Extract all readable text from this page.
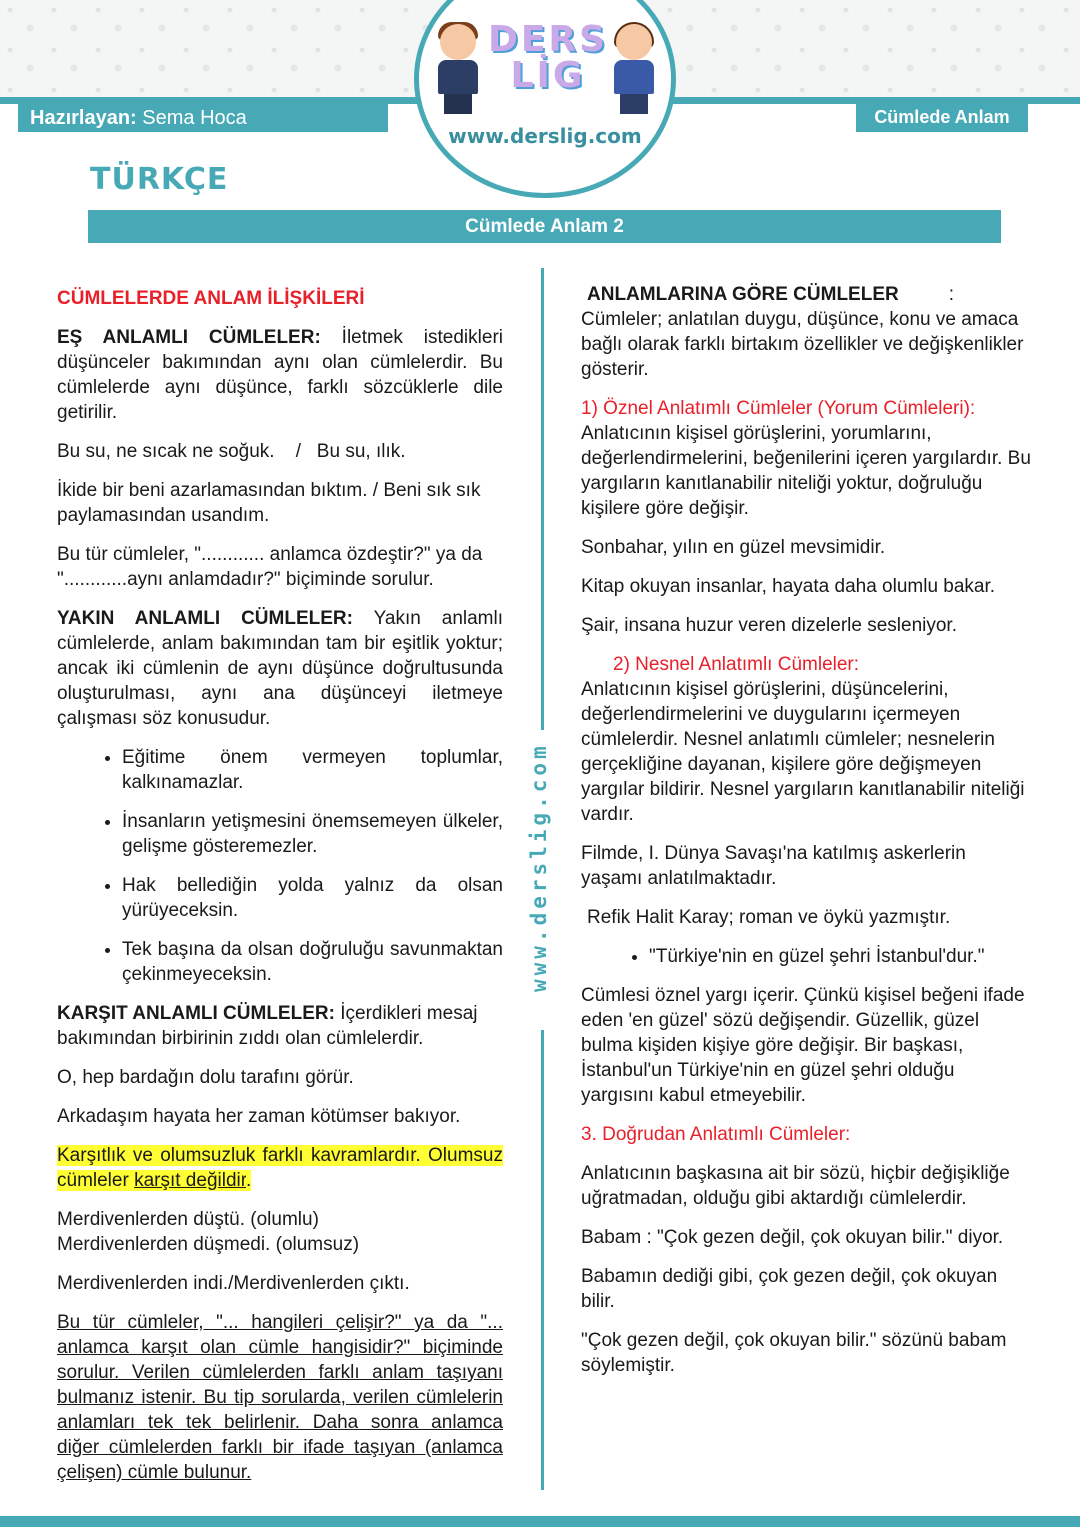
Hazırlayan: Sema Hoca	Cümlede Anlam
DERS LİG
www.derslig.com
TÜRKÇE
Cümlede Anlam 2
www.derslig.com

CÜMLELERDE ANLAM İLİŞKİLERİ

EŞ ANLAMLI CÜMLELER: İletmek istedikleri düşünceler bakımından aynı olan cümlelerdir. Bu cümlelerde aynı düşünce, farklı sözcüklerle dile getirilir.

Bu su, ne sıcak ne soğuk.    /   Bu su, ılık.

İkide bir beni azarlamasından bıktım. / Beni sık sık paylamasından usandım.

Bu tür cümleler, "............ anlamca özdeştir?" ya da "............aynı anlamdadır?" biçiminde sorulur.

YAKIN ANLAMLI CÜMLELER: Yakın anlamlı cümlelerde, anlam bakımından tam bir eşitlik yoktur; ancak iki cümlenin de aynı düşünce doğrultusunda oluşturulması, aynı ana düşünceyi iletmeye çalışması söz konusudur.

• Eğitime önem vermeyen toplumlar, kalkınamazlar.
• İnsanların yetişmesini önemsemeyen ülkeler, gelişme gösteremezler.
• Hak bellediğin yolda yalnız da olsan yürüyeceksin.
• Tek başına da olsan doğruluğu savunmaktan çekinmeyeceksin.

KARŞIT ANLAMLI CÜMLELER: İçerdikleri mesaj bakımından birbirinin zıddı olan cümlelerdir.

O, hep bardağın dolu tarafını görür.

Arkadaşım hayata her zaman kötümser bakıyor.

Karşıtlık ve olumsuzluk farklı kavramlardır. Olumsuz cümleler karşıt değildir.

Merdivenlerden düştü. (olumlu)
Merdivenlerden düşmedi. (olumsuz)

Merdivenlerden indi./Merdivenlerden çıktı.

Bu tür cümleler, "... hangileri çelişir?" ya da "... anlamca karşıt olan cümle hangisidir?" biçiminde sorulur. Verilen cümlelerden farklı anlam taşıyanı bulmanız istenir. Bu tip sorularda, verilen cümlelerin anlamları tek tek belirlenir. Daha sonra anlamca diğer cümlelerden farklı bir ifade taşıyan (anlamca çelişen) cümle bulunur.

ANLAMLARINA GÖRE CÜMLELER	:
Cümleler; anlatılan duygu, düşünce, konu ve amaca bağlı olarak farklı birtakım özellikler ve değişkenlikler gösterir.

1) Öznel Anlatımlı Cümleler (Yorum Cümleleri):
Anlatıcının kişisel görüşlerini, yorumlarını, değerlendirmelerini, beğenilerini içeren yargılardır. Bu yargıların kanıtlanabilir niteliği yoktur, doğruluğu kişilere göre değişir.

Sonbahar, yılın en güzel mevsimidir.

Kitap okuyan insanlar, hayata daha olumlu bakar.

Şair, insana huzur veren dizelerle sesleniyor.

2) Nesnel Anlatımlı Cümleler:
Anlatıcının kişisel görüşlerini, düşüncelerini, değerlendirmelerini ve duygularını içermeyen cümlelerdir. Nesnel anlatımlı cümleler; nesnelerin gerçekliğine dayanan, kişilere göre değişmeyen yargılar bildirir. Nesnel yargıların kanıtlanabilir niteliği vardır.

Filmde, I. Dünya Savaşı'na katılmış askerlerin yaşamı anlatılmaktadır.

Refik Halit Karay; roman ve öykü yazmıştır.

• "Türkiye'nin en güzel şehri İstanbul'dur."

Cümlesi öznel yargı içerir. Çünkü kişisel beğeni ifade eden 'en güzel' sözü değişendir. Güzellik, güzel bulma kişiden kişiye göre değişir. Bir başkası, İstanbul'un Türkiye'nin en güzel şehri olduğu yargısını kabul etmeyebilir.

3. Doğrudan Anlatımlı Cümleler:

Anlatıcının başkasına ait bir sözü, hiçbir değişikliğe uğratmadan, olduğu gibi aktardığı cümlelerdir.

Babam : "Çok gezen değil, çok okuyan bilir." diyor.

Babamın dediği gibi, çok gezen değil, çok okuyan bilir.

"Çok gezen değil, çok okuyan bilir." sözünü babam söylemiştir.
